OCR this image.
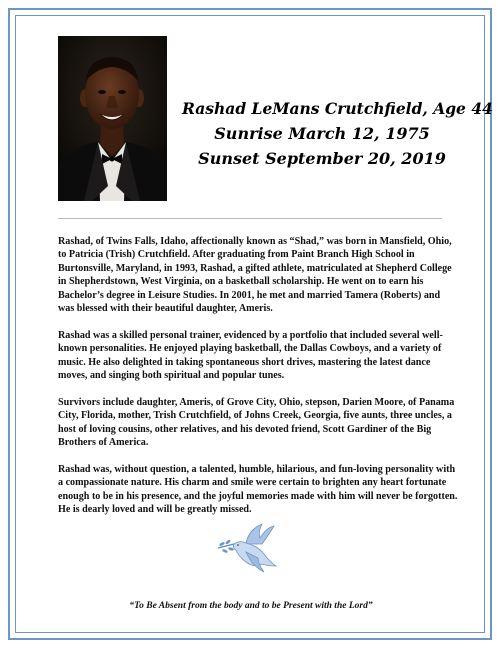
Rashad LeMans Crutchfield, Age 44
Sunrise March 12, 1975
Sunset September 20, 2019

Rashad, of Twins Falls, Idaho, affectionally known as “Shad,” was born in Mansfield, Ohio, to Patricia (Trish) Crutchfield. After graduating from Paint Branch High School in Burtonsville, Maryland, in 1993, Rashad, a gifted athlete, matriculated at Shepherd College in Shepherdstown, West Virginia, on a basketball scholarship. He went on to earn his Bachelor’s degree in Leisure Studies. In 2001, he met and married Tamera (Roberts) and was blessed with their beautiful daughter, Ameris.

Rashad was a skilled personal trainer, evidenced by a portfolio that included several well-known personalities. He enjoyed playing basketball, the Dallas Cowboys, and a variety of music. He also delighted in taking spontaneous short drives, mastering the latest dance moves, and singing both spiritual and popular tunes.

Survivors include daughter, Ameris, of Grove City, Ohio, stepson, Darien Moore, of Panama City, Florida, mother, Trish Crutchfield, of Johns Creek, Georgia, five aunts, three uncles, a host of loving cousins, other relatives, and his devoted friend, Scott Gardiner of the Big Brothers of America.

Rashad was, without question, a talented, humble, hilarious, and fun-loving personality with a compassionate nature. His charm and smile were certain to brighten any heart fortunate enough to be in his presence, and the joyful memories made with him will never be forgotten. He is dearly loved and will be greatly missed.

“To Be Absent from the body and to be Present with the Lord”
